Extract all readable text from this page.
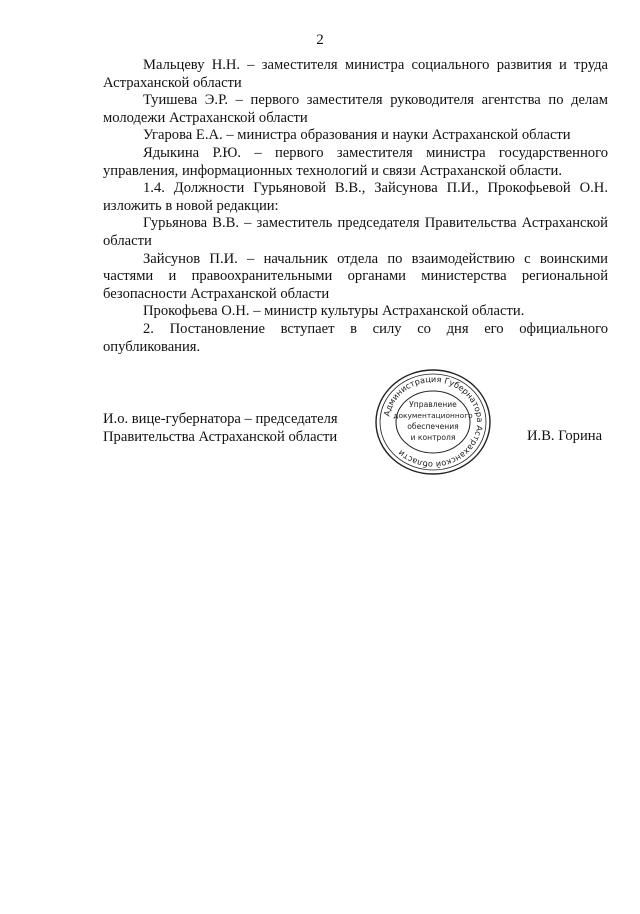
2

Мальцеву Н.Н. – заместителя министра социального развития и труда Астраханской области

Туишева Э.Р. – первого заместителя руководителя агентства по делам молодежи Астраханской области

Угарова Е.А. – министра образования и науки Астраханской области

Ядыкина Р.Ю. – первого заместителя министра государственного управления, информационных технологий и связи Астраханской области.

1.4. Должности Гурьяновой В.В., Зайсунова П.И., Прокофьевой О.Н. изложить в новой редакции:

Гурьянова В.В. – заместитель председателя Правительства Астраханской области

Зайсунов П.И. – начальник отдела по взаимодействию с воинскими частями и правоохранительными органами министерства региональной безопасности Астраханской области

Прокофьева О.Н. – министр культуры Астраханской области.

2. Постановление вступает в силу со дня его официального опубликования.

И.о. вице-губернатора – председателя
Правительства Астраханской области	И.В. Горина
Администрация Губернатора Астраханской области
Управление
документационного
обеспечения
и контроля
